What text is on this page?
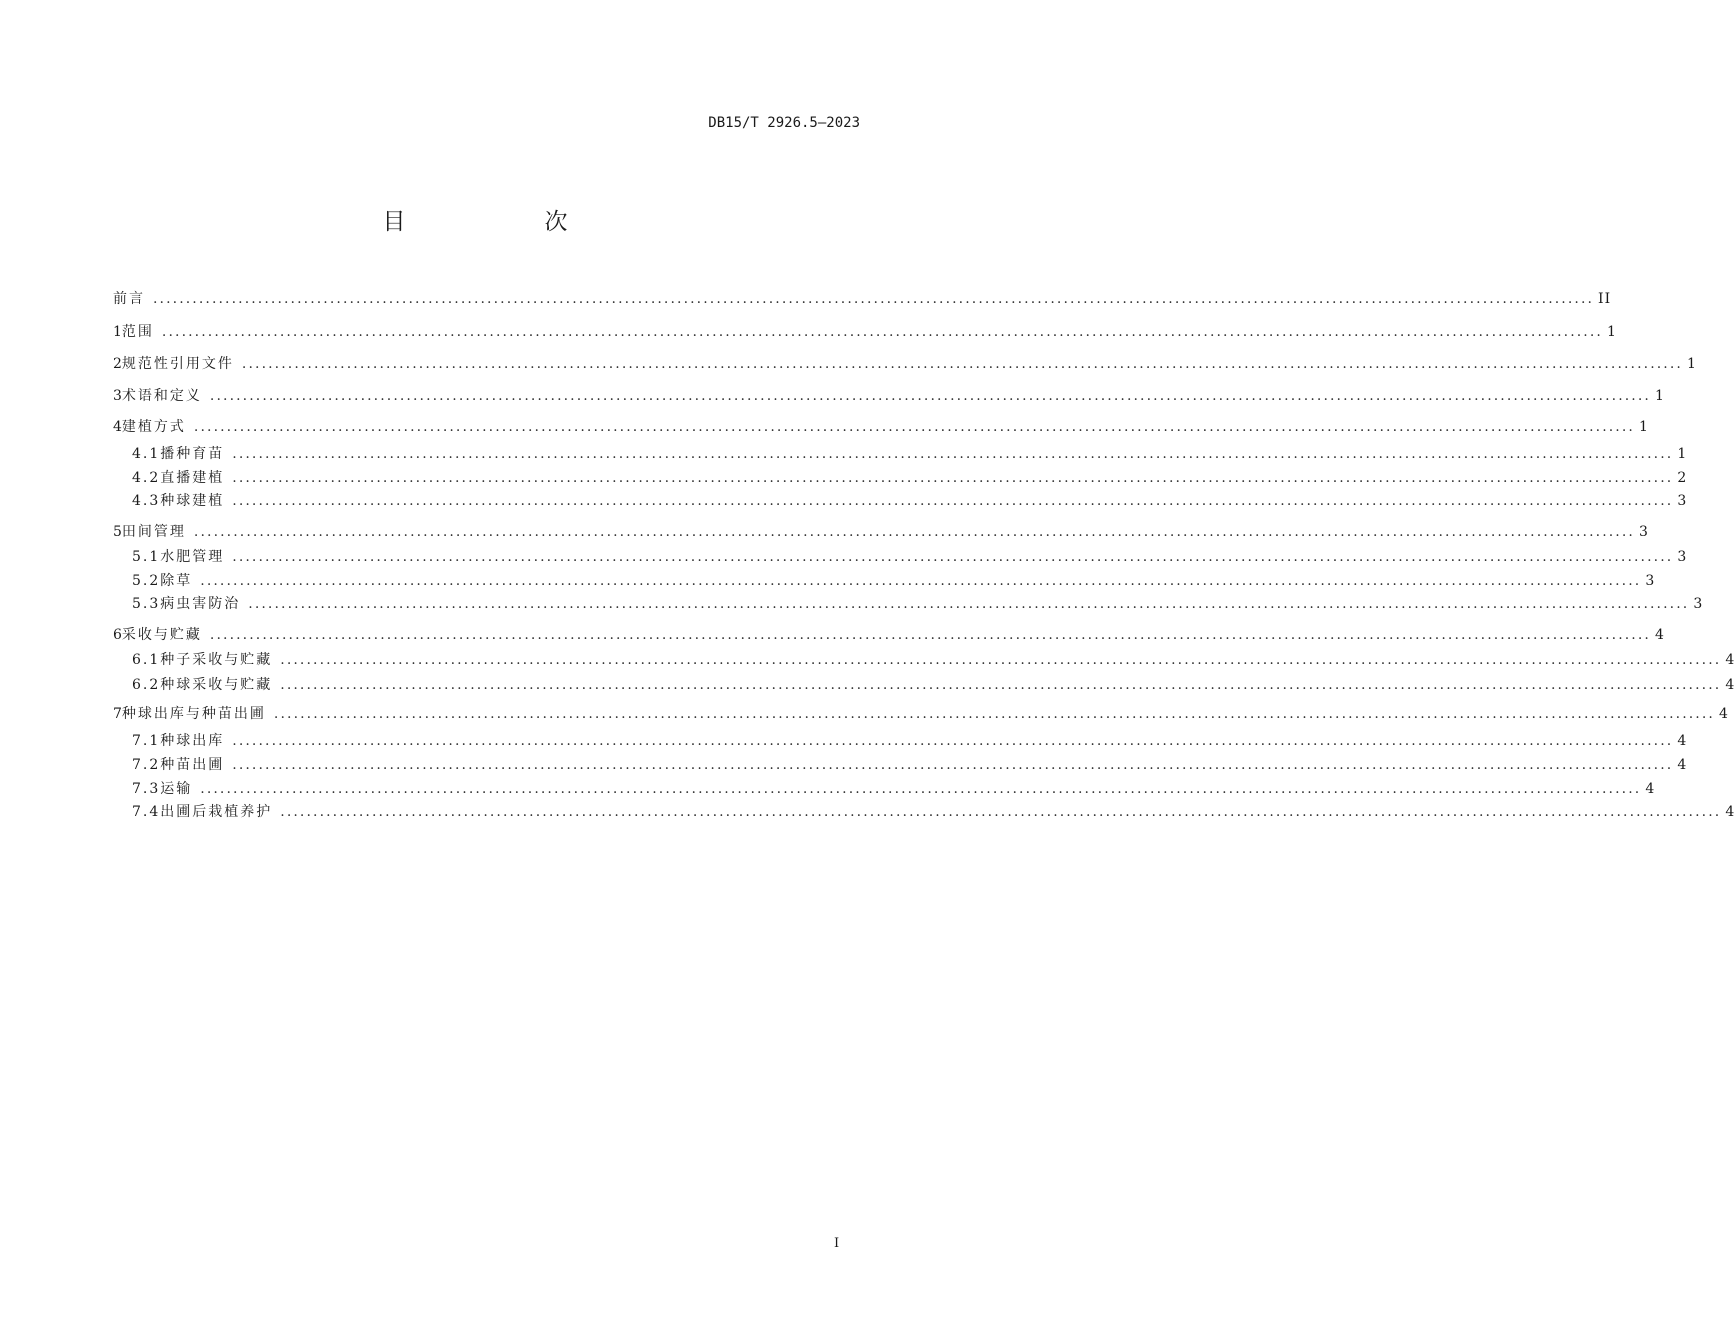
DB15/T 2926.5—2023
目　次
前言 ............................................................................................................................................................................................................................ II
1 范围 ............................................................................................................................................................................................................................ 1
2 规范性引用文件 ............................................................................................................................................................................................................................ 1
3 术语和定义 ............................................................................................................................................................................................................................ 1
4 建植方式 ............................................................................................................................................................................................................................ 1
4.1 播种育苗 ............................................................................................................................................................................................................................ 1
4.2 直播建植 ............................................................................................................................................................................................................................ 2
4.3 种球建植 ............................................................................................................................................................................................................................ 3
5 田间管理 ............................................................................................................................................................................................................................ 3
5.1 水肥管理 ............................................................................................................................................................................................................................ 3
5.2 除草 ............................................................................................................................................................................................................................ 3
5.3 病虫害防治 ............................................................................................................................................................................................................................ 3
6 采收与贮藏 ............................................................................................................................................................................................................................ 4
6.1 种子采收与贮藏 ............................................................................................................................................................................................................................ 4
6.2 种球采收与贮藏 ............................................................................................................................................................................................................................ 4
7 种球出库与种苗出圃 ............................................................................................................................................................................................................................ 4
7.1 种球出库 ............................................................................................................................................................................................................................ 4
7.2 种苗出圃 ............................................................................................................................................................................................................................ 4
7.3 运输 ............................................................................................................................................................................................................................ 4
7.4 出圃后栽植养护 ............................................................................................................................................................................................................................ 4
I
